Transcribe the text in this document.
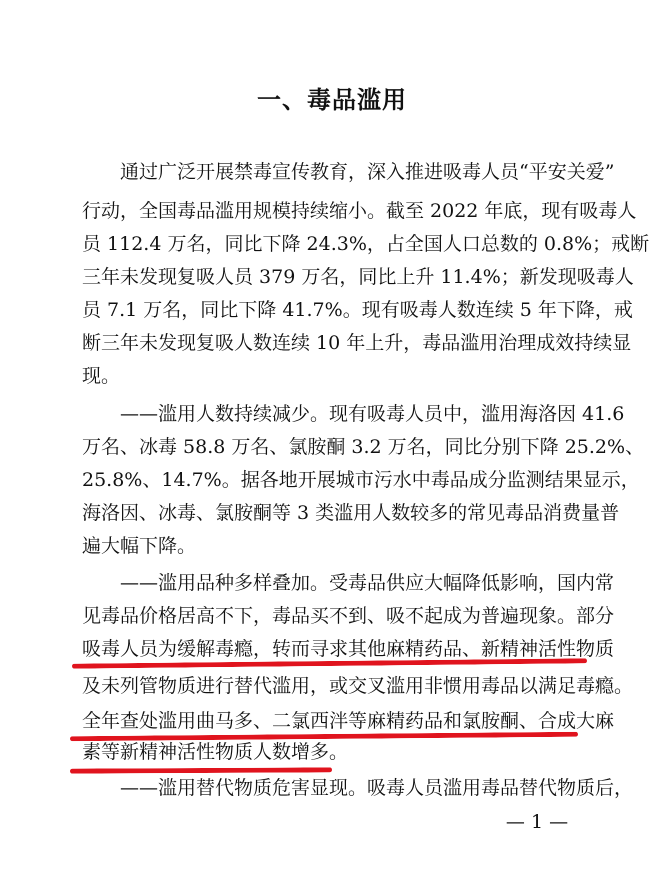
一、毒品滥用
通过广泛开展禁毒宣传教育，深入推进吸毒人员“平安关爱”
行动，全国毒品滥用规模持续缩小。截至 2022 年底，现有吸毒人
员 112.4 万名，同比下降 24.3%，占全国人口总数的 0.8%；戒断
三年未发现复吸人员 379 万名，同比上升 11.4%；新发现吸毒人
员 7.1 万名，同比下降 41.7%。现有吸毒人数连续 5 年下降，戒
断三年未发现复吸人数连续 10 年上升，毒品滥用治理成效持续显
现。
——滥用人数持续减少。现有吸毒人员中，滥用海洛因 41.6
万名、冰毒 58.8 万名、氯胺酮 3.2 万名，同比分别下降 25.2%、
25.8%、14.7%。据各地开展城市污水中毒品成分监测结果显示，
海洛因、冰毒、氯胺酮等 3 类滥用人数较多的常见毒品消费量普
遍大幅下降。
——滥用品种多样叠加。受毒品供应大幅降低影响，国内常
见毒品价格居高不下，毒品买不到、吸不起成为普遍现象。部分
吸毒人员为缓解毒瘾，转而寻求其他麻精药品、新精神活性物质
及未列管物质进行替代滥用，或交叉滥用非惯用毒品以满足毒瘾。
全年查处滥用曲马多、二氯西泮等麻精药品和氯胺酮、合成大麻
素等新精神活性物质人数增多。
——滥用替代物质危害显现。吸毒人员滥用毒品替代物质后，
— 1 —
